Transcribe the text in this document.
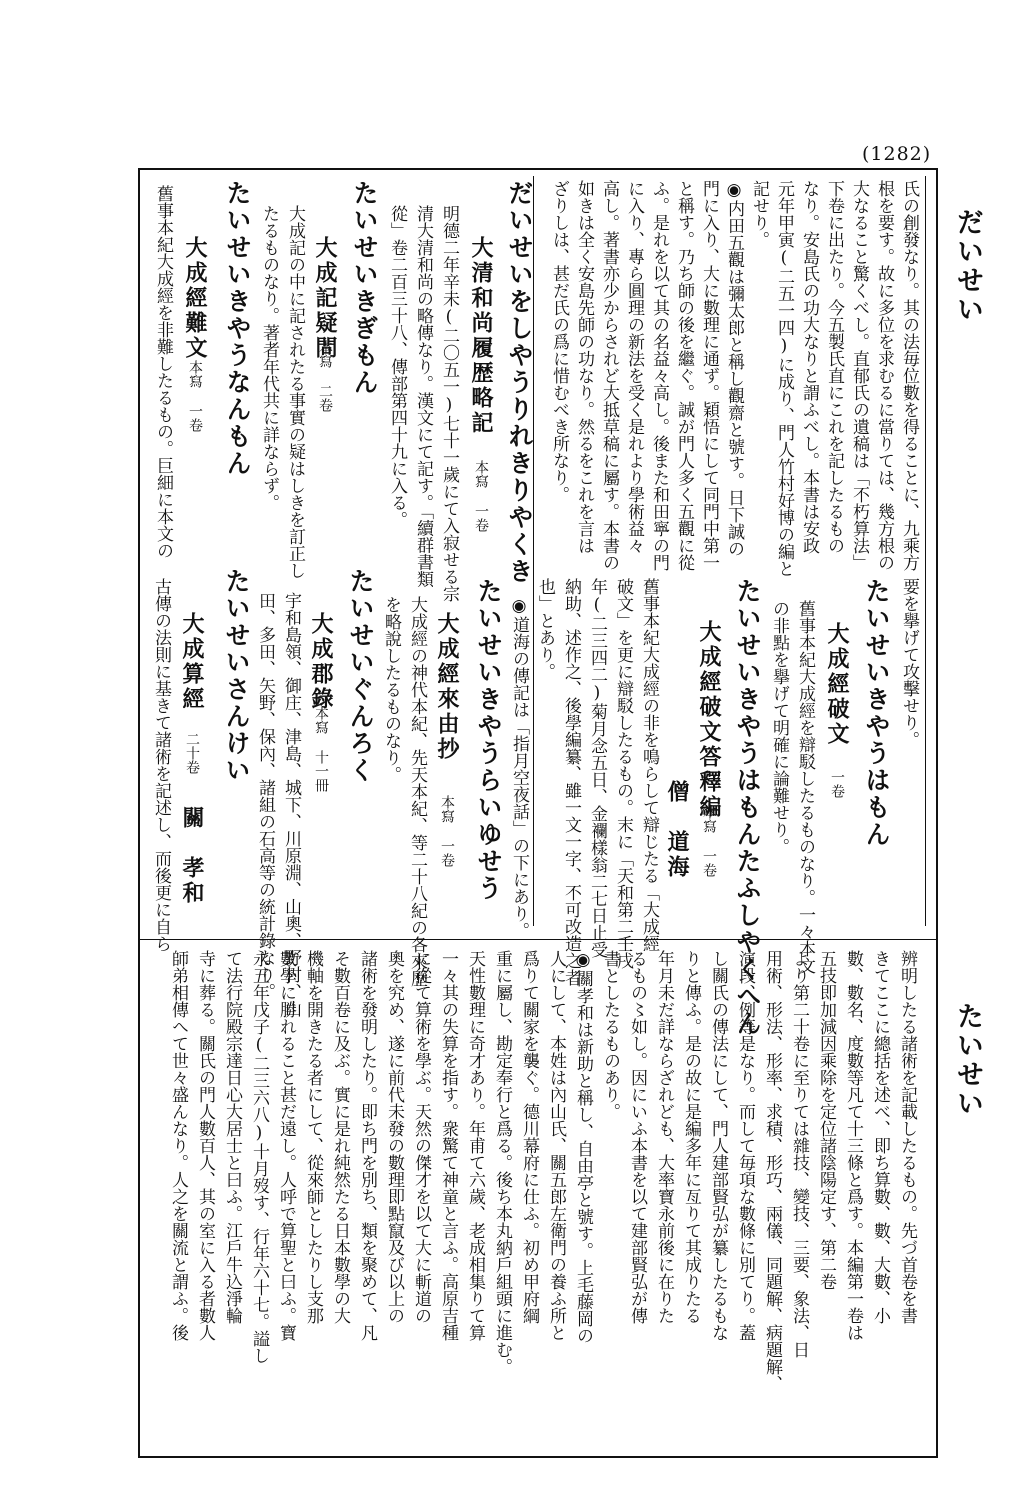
(1282)
だいせい
たいせい
氏の創發なり。其の法毎位數を得ることに、九乘方
根を要す。故に多位を求むるに當りては、幾方根の
大なること驚くべし。直郁氏の遺稿は「不朽算法」
下卷に出たり。今五製氏直にこれを記したるもの
なり。安島氏の功大なりと謂ふべし。本書は安政
元年甲寅(二五一四)に成り、門人竹村好博の編と
記せり。
◉内田五觀は彌太郎と稱し觀齋と號す。日下誠の
門に入り、大に數理に通ず。穎悟にして同門中第一
と稱す。乃ち師の後を繼ぐ。誠が門人多く五觀に從
ふ。是れを以て其の名益々高し。後また和田寧の門
に入り、專ら圓理の新法を受く是れより學術益々
高し。著書亦少からされど大抵草稿に屬す。本書の
如きは全く安島先師の功なり。然るをこれを言は
ざりしは、甚だ氏の爲に惜むべき所なり。
だいせいをしやうりれきりやくき
大清和尚履歴略記
本寫 一卷
明德二年辛未(二〇五一)七十一歲にて入寂せる宗
清大清和尚の略傳なり。漢文にて記す。「續群書類
從」卷二百三十八、傳部第四十九に入る。
たいせいきぎもん
大成記疑問
本寫 二卷
大成記の中に記されたる事實の疑はしきを訂正し
たるものなり。著者年代共に詳ならず。
たいせいきやうなんもん
大成經難文
本寫 一卷
舊事本紀大成經を非難したるもの。巨細に本文の
要を擧げて攻擊せり。
たいせいきやうはもん
大成經破文
一卷
舊事本紀大成經を辯駁したるものなり。一々本文
の非點を擧げて明確に論難せり。
たいせいきやうはもんたふしやくへん
大成經破文答釋編
本寫 一卷
僧　道海
舊事本紀大成經の非を鳴らして辯じたる「大成經
破文」を更に辯駁したるもの。末に「天和第二壬戌
年(二三四二)菊月念五日、金襴樣翁二七日止受
納助、述作之、後學編纂、雖一文一字、不可改造之者
也」とあり。
◉道海の傳記は「指月空夜話」の下にあり。
たいせいきやうらいゆせう
大成經來由抄
本寫 一卷
大成經の神代本紀、先天本紀、等二十八紀の各來歷
を略說したるものなり。
たいせいぐんろく
大成郡錄
本寫 十一冊
宇和島領、御庄、津島、城下、川原淵、山奧、野村、山
田、多田、矢野、保內、諸組の石高等の統計錄なり。
たいせいさんけい
大成算經
二十卷
關　孝和
古傳の法則に基きて諸術を記述し、而後更に自ら
辨明したる諸術を記載したるもの。先づ首卷を書
きてここに總括を述べ、即ち算數、數、大數、小
數、數名、度數等凡て十三條と爲す。本編第一卷は
五技即加減因乘除を定位諸陰陽定す、第二卷
より第二十卷に至りては雜技、變技、三要、象法、日
用術、形法、形率、求積、形巧、兩儀、同題解、病題解、
演段、例等是なり。而して毎項な數條に別てり。蓋
し關氏の傳法にして、門人建部賢弘が纂したるもな
りと傳ふ。是の故に是編多年に亙りて其成りたる
年月未だ詳ならざれども、大率寶永前後に在りた
るもの〻如し。因にいふ本書を以て建部賢弘が傳
書としたるものあり。
◉關孝和は新助と稱し、自由亭と號す。上毛藤岡の
人にして、本姓は內山氏、關五郎左衛門の養ふ所と
爲りて關家を襲ぐ。德川幕府に仕ふ。初め甲府綱
重に屬し、勘定奉行と爲る。後ち本丸納戶組頭に進む。
天性數理に奇才あり。年甫て六歲、老成相集りて算
一々其の失算を指す。衆驚て神童と言ふ。高原吉種
に從て算術を學ぶ。天然の傑才を以て大に斬道の
奧を究め、遂に前代未發の數理即點竄及び以上の
諸術を發明したり。即ち門を別ち、類を聚めて、凡
そ數百卷に及ぶ。實に是れ純然たる日本數學の大
機軸を開きたる者にして、從來師としたりし支那
數學に勝れること甚だ遠し。人呼で算聖と曰ふ。寶
永五年戊子(二三六八)十月歿す、行年六十七。謚し
て法行院殿宗達日心大居士と曰ふ。江戶牛込淨輪
寺に葬る。關氏の門人數百人、其の室に入る者數人
師弟相傳へて世々盛んなり。人之を關流と謂ふ。後
